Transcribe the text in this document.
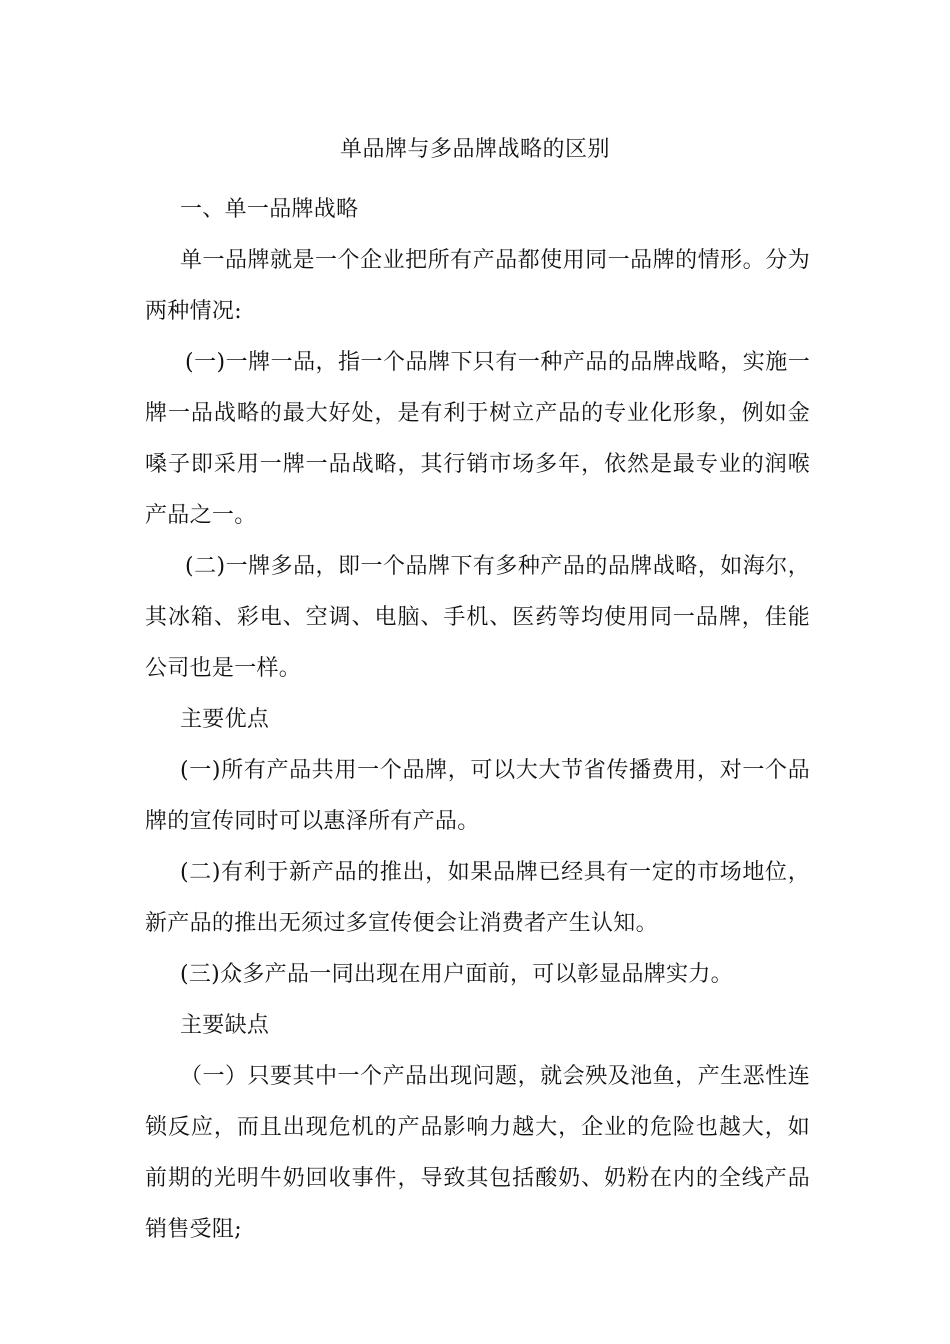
单品牌与多品牌战略的区别

一、单一品牌战略

单一品牌就是一个企业把所有产品都使用同一品牌的情形。分为两种情况:

(一)一牌一品，指一个品牌下只有一种产品的品牌战略，实施一牌一品战略的最大好处，是有利于树立产品的专业化形象，例如金嗓子即采用一牌一品战略，其行销市场多年，依然是最专业的润喉产品之一。

(二)一牌多品，即一个品牌下有多种产品的品牌战略，如海尔，其冰箱、彩电、空调、电脑、手机、医药等均使用同一品牌，佳能公司也是一样。

主要优点

(一)所有产品共用一个品牌，可以大大节省传播费用，对一个品牌的宣传同时可以惠泽所有产品。

(二)有利于新产品的推出，如果品牌已经具有一定的市场地位，新产品的推出无须过多宣传便会让消费者产生认知。

(三)众多产品一同出现在用户面前，可以彰显品牌实力。

主要缺点

（一）只要其中一个产品出现问题，就会殃及池鱼，产生恶性连锁反应，而且出现危机的产品影响力越大，企业的危险也越大，如前期的光明牛奶回收事件，导致其包括酸奶、奶粉在内的全线产品销售受阻;
